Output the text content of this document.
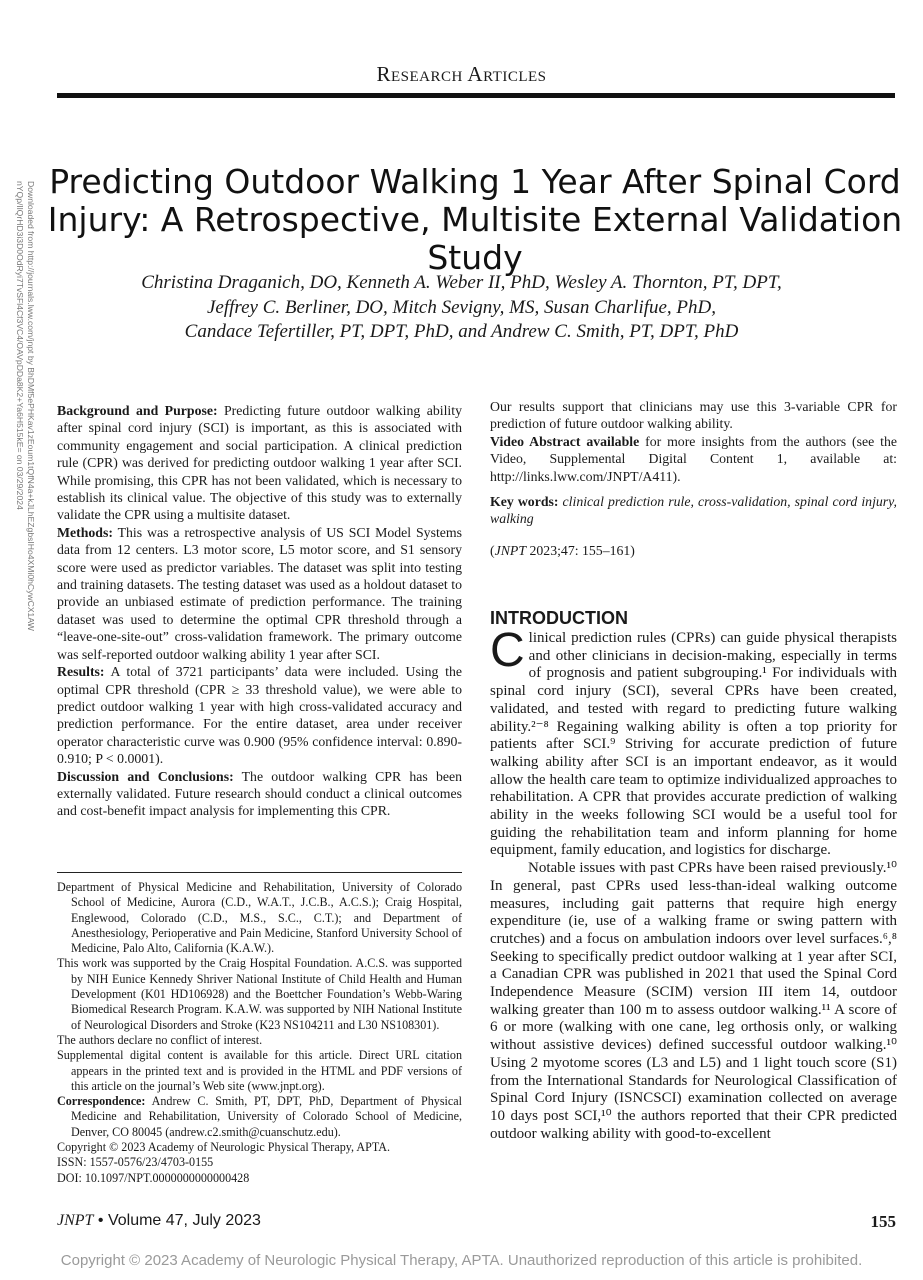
Research Articles
Downloaded from http://journals.lww.com/jnpt by BhDMf5ePHKav1zEoum1tQfN4a+kJLhEZgbsIHo4XMi0hCywCX1AW
nYQp/IlQrHD3i3D0OdRyi7TvSFl4Cf3VC4/OAVpDDa8K2+Ya6H515kE= on 03/29/2024 Predicting Outdoor Walking 1 Year After Spinal Cord
Injury: A Retrospective, Multisite External Validation Study
Christina Draganich, DO, Kenneth A. Weber II, PhD, Wesley A. Thornton, PT, DPT,
Jeffrey C. Berliner, DO, Mitch Sevigny, MS, Susan Charlifue, PhD,
Candace Tefertiller, PT, DPT, PhD, and Andrew C. Smith, PT, DPT, PhD

Background and Purpose: Predicting future outdoor walking ability after spinal cord injury (SCI) is important, as this is associated with community engagement and social participation. A clinical prediction rule (CPR) was derived for predicting outdoor walking 1 year after SCI. While promising, this CPR has not been validated, which is necessary to establish its clinical value. The objective of this study was to externally validate the CPR using a multisite dataset.

Methods: This was a retrospective analysis of US SCI Model Systems data from 12 centers. L3 motor score, L5 motor score, and S1 sensory score were used as predictor variables. The dataset was split into testing and training datasets. The testing dataset was used as a holdout dataset to provide an unbiased estimate of prediction performance. The training dataset was used to determine the optimal CPR threshold through a “leave-one-site-out” cross-validation framework. The primary outcome was self-reported outdoor walking ability 1 year after SCI.

Results: A total of 3721 participants’ data were included. Using the optimal CPR threshold (CPR ≥ 33 threshold value), we were able to predict outdoor walking 1 year with high cross-validated accuracy and prediction performance. For the entire dataset, area under receiver operator characteristic curve was 0.900 (95% confidence interval: 0.890-0.910; P < 0.0001).

Discussion and Conclusions: The outdoor walking CPR has been externally validated. Future research should conduct a clinical outcomes and cost-benefit impact analysis for implementing this CPR.

Department of Physical Medicine and Rehabilitation, University of Colorado School of Medicine, Aurora (C.D., W.A.T., J.C.B., A.C.S.); Craig Hospital, Englewood, Colorado (C.D., M.S., S.C., C.T.); and Department of Anesthesiology, Perioperative and Pain Medicine, Stanford University School of Medicine, Palo Alto, California (K.A.W.).

This work was supported by the Craig Hospital Foundation. A.C.S. was supported by NIH Eunice Kennedy Shriver National Institute of Child Health and Human Development (K01 HD106928) and the Boettcher Foundation’s Webb-Waring Biomedical Research Program. K.A.W. was supported by NIH National Institute of Neurological Disorders and Stroke (K23 NS104211 and L30 NS108301).

The authors declare no conflict of interest.

Supplemental digital content is available for this article. Direct URL citation appears in the printed text and is provided in the HTML and PDF versions of this article on the journal’s Web site (www.jnpt.org).

Correspondence: Andrew C. Smith, PT, DPT, PhD, Department of Physical Medicine and Rehabilitation, University of Colorado School of Medicine, Denver, CO 80045 (andrew.c2.smith@cuanschutz.edu).

Copyright © 2023 Academy of Neurologic Physical Therapy, APTA.

ISSN: 1557-0576/23/4703-0155

DOI: 10.1097/NPT.0000000000000428

Our results support that clinicians may use this 3-variable CPR for prediction of future outdoor walking ability.

Video Abstract available for more insights from the authors (see the Video, Supplemental Digital Content 1, available at: http://links.lww.com/JNPT/A411).

Key words: clinical prediction rule, cross-validation, spinal cord injury, walking

(JNPT 2023;47: 155–161)

INTRODUCTION

Clinical prediction rules (CPRs) can guide physical therapists and other clinicians in decision-making, especially in terms of prognosis and patient subgrouping.¹ For individuals with spinal cord injury (SCI), several CPRs have been created, validated, and tested with regard to predicting future walking ability.²⁻⁸ Regaining walking ability is often a top priority for patients after SCI.⁹ Striving for accurate prediction of future walking ability after SCI is an important endeavor, as it would allow the health care team to optimize individualized approaches to rehabilitation. A CPR that provides accurate prediction of walking ability in the weeks following SCI would be a useful tool for guiding the rehabilitation team and inform planning for home equipment, family education, and logistics for discharge.

Notable issues with past CPRs have been raised previously.¹⁰ In general, past CPRs used less-than-ideal walking outcome measures, including gait patterns that require high energy expenditure (ie, use of a walking frame or swing pattern with crutches) and a focus on ambulation indoors over level surfaces.⁶,⁸ Seeking to specifically predict outdoor walking at 1 year after SCI, a Canadian CPR was published in 2021 that used the Spinal Cord Independence Measure (SCIM) version III item 14, outdoor walking greater than 100 m to assess outdoor walking.¹¹ A score of 6 or more (walking with one cane, leg orthosis only, or walking without assistive devices) defined successful outdoor walking.¹⁰ Using 2 myotome scores (L3 and L5) and 1 light touch score (S1) from the International Standards for Neurological Classification of Spinal Cord Injury (ISNCSCI) examination collected on average 10 days post SCI,¹⁰ the authors reported that their CPR predicted outdoor walking ability with good-to-excellent

JNPT • Volume 47, July 2023	155
Copyright © 2023 Academy of Neurologic Physical Therapy, APTA. Unauthorized reproduction of this article is prohibited.
